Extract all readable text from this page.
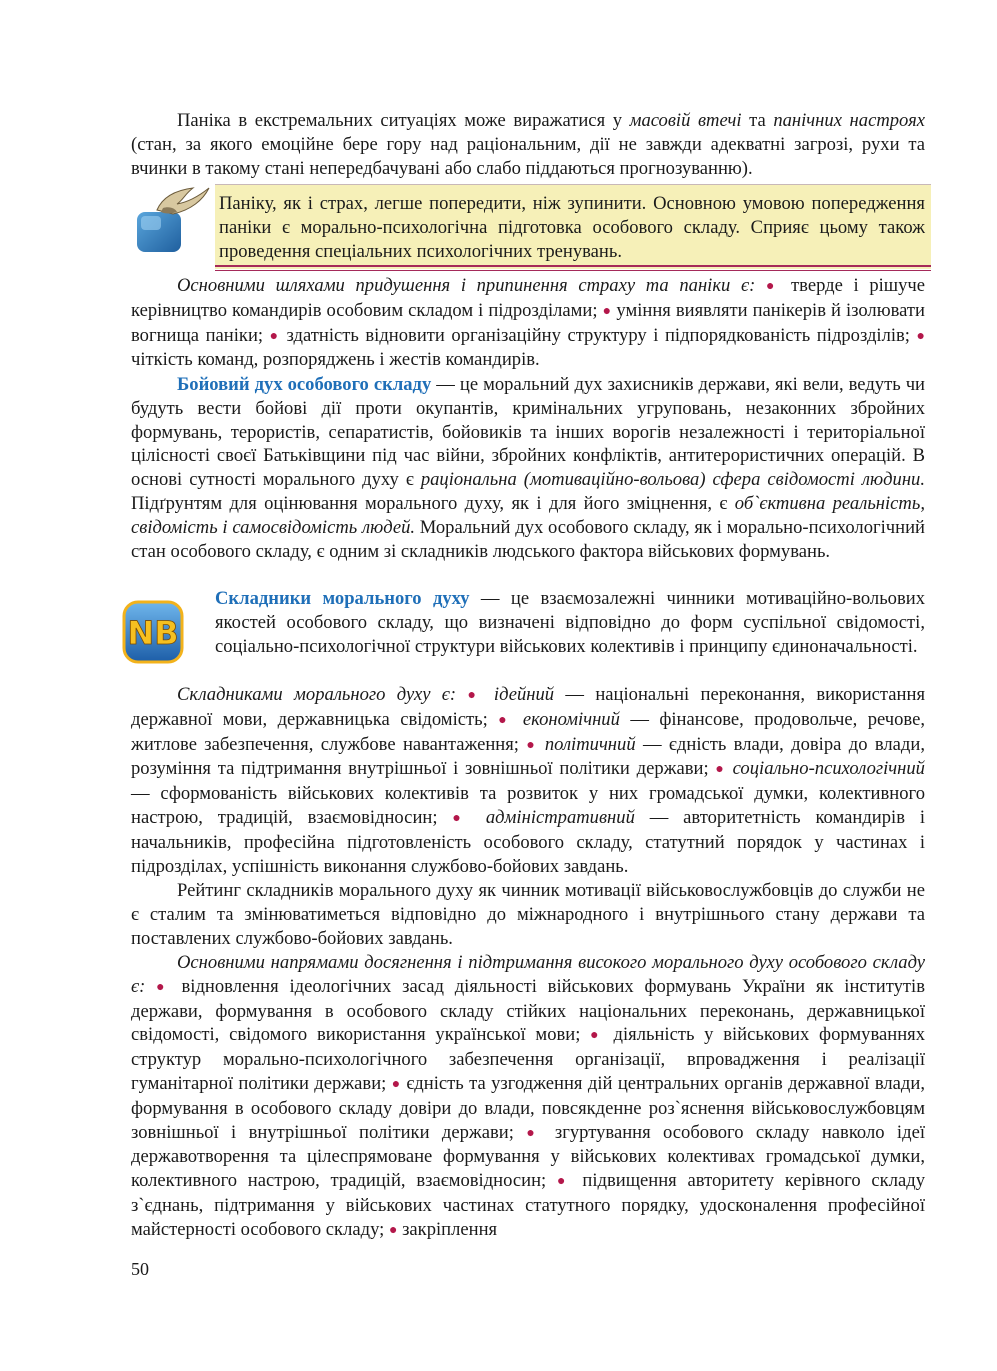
Паніка в екстремальних ситуаціях може виражатися у масовій втечі та панічних настроях (стан, за якого емоційне бере гору над раціональним, дії не завжди адекватні загрозі, рухи та вчинки в такому стані непередбачувані або слабо піддаються прогнозуванню).

Паніку, як і страх, легше попередити, ніж зупинити. Основною умовою попередження паніки є морально-психологічна підготовка особового складу. Сприяє цьому також проведення спеціальних психологічних тренувань.

Основними шляхами придушення і припинення страху та паніки є: ● тверде і рішуче керівництво командирів особовим складом і підрозділами; ● уміння виявляти панікерів й ізолювати вогнища паніки; ● здатність відновити організаційну структуру і підпорядкованість підрозділів; ● чіткість команд, розпоряджень і жестів командирів.

Бойовий дух особового складу — це моральний дух захисників держави, які вели, ведуть чи будуть вести бойові дії проти окупантів, кримінальних угруповань, незаконних збройних формувань, терористів, сепаратистів, бойовиків та інших ворогів незалежності і територіальної цілісності своєї Батьківщини під час війни, збройних конфліктів, антитерористичних операцій. В основі сутності морального духу є раціональна (мотиваційно-вольова) сфера свідомості людини. Підґрунтям для оцінювання морального духу, як і для його зміцнення, є об`єктивна реальність, свідомість і самосвідомість людей. Моральний дух особового складу, як і морально-психологічний стан особового складу, є одним зі складників людського фактора військових формувань.

NB

Складники морального духу — це взаємозалежні чинники мотиваційно-вольових якостей особового складу, що визначені відповідно до форм суспільної свідомості, соціально-психологічної структури військових колективів і принципу єдиноначальності.

Складниками морального духу є: ● ідейний — національні переконання, використання державної мови, державницька свідомість; ● економічний — фінансове, продовольче, речове, житлове забезпечення, службове навантаження; ● політичний — єдність влади, довіра до влади, розуміння та підтримання внутрішньої і зовнішньої політики держави; ● соціально-психологічний — сформованість військових колективів та розвиток у них громадської думки, колективного настрою, традицій, взаємовідносин; ● адміністративний — авторитетність командирів і начальників, професійна підготовленість особового складу, статутний порядок у частинах і підрозділах, успішність виконання службово-бойових завдань.

Рейтинг складників морального духу як чинник мотивації військовослужбовців до служби не є сталим та змінюватиметься відповідно до міжнародного і внутрішнього стану держави та поставлених службово-бойових завдань.

Основними напрямами досягнення і підтримання високого морального духу особового складу є: ● відновлення ідеологічних засад діяльності військових формувань України як інститутів держави, формування в особового складу стійких національних переконань, державницької свідомості, свідомого використання української мови; ● діяльність у військових формуваннях структур морально-психологічного забезпечення організації, впровадження і реалізації гуманітарної політики держави; ● єдність та узгодження дій центральних органів державної влади, формування в особового складу довіри до влади, повсякденне роз`яснення військовослужбовцям зовнішньої і внутрішньої політики держави; ● згуртування особового складу навколо ідеї державотворення та цілеспрямоване формування у військових колективах громадської думки, колективного настрою, традицій, взаємовідносин; ● підвищення авторитету керівного складу з`єднань, підтримання у військових частинах статутного порядку, удосконалення професійної майстерності особового складу; ● закріплення

50
